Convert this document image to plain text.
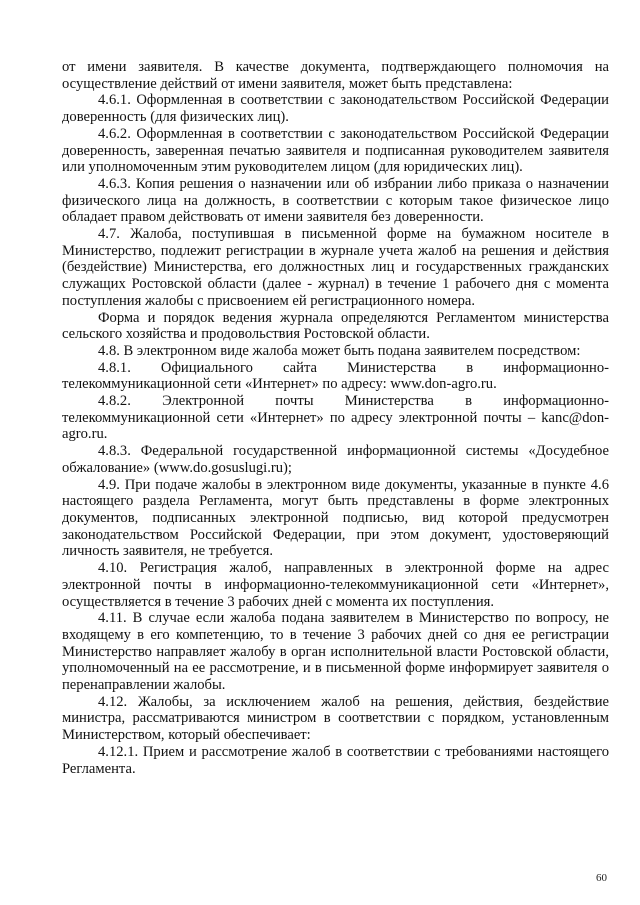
от имени заявителя. В качестве документа, подтверждающего полномочия на осуществление действий от имени заявителя, может быть представлена:

4.6.1. Оформленная в соответствии с законодательством Российской Федерации доверенность (для физических лиц).

4.6.2. Оформленная в соответствии с законодательством Российской Федерации доверенность, заверенная печатью заявителя и подписанная руководителем заявителя или уполномоченным этим руководителем лицом (для юридических лиц).

4.6.3. Копия решения о назначении или об избрании либо приказа о назначении физического лица на должность, в соответствии с которым такое физическое лицо обладает правом действовать от имени заявителя без доверенности.

4.7. Жалоба, поступившая в письменной форме на бумажном носителе в Министерство, подлежит регистрации в журнале учета жалоб на решения и действия (бездействие) Министерства, его должностных лиц и государственных гражданских служащих Ростовской области (далее - журнал) в течение 1 рабочего дня с момента поступления жалобы с присвоением ей регистрационного номера.

Форма и порядок ведения журнала определяются Регламентом министерства сельского хозяйства и продовольствия Ростовской области.

4.8. В электронном виде жалоба может быть подана заявителем посредством:

4.8.1. Официального сайта Министерства в информационно-телекоммуникационной сети «Интернет» по адресу: www.don-agro.ru.

4.8.2. Электронной почты Министерства в информационно-телекоммуникационной сети «Интернет» по адресу электронной почты – kanc@don-agro.ru.

4.8.3. Федеральной государственной информационной системы «Досудебное обжалование» (www.do.gosuslugi.ru);

4.9. При подаче жалобы в электронном виде документы, указанные в пункте 4.6 настоящего раздела Регламента, могут быть представлены в форме электронных документов, подписанных электронной подписью, вид которой предусмотрен законодательством Российской Федерации, при этом документ, удостоверяющий личность заявителя, не требуется.

4.10. Регистрация жалоб, направленных в электронной форме на адрес электронной почты в информационно-телекоммуникационной сети «Интернет», осуществляется в течение 3 рабочих дней с момента их поступления.

4.11. В случае если жалоба подана заявителем в Министерство по вопросу, не входящему в его компетенцию, то в течение 3 рабочих дней со дня ее регистрации Министерство направляет жалобу в орган исполнительной власти Ростовской области, уполномоченный на ее рассмотрение, и в письменной форме информирует заявителя о перенаправлении жалобы.

4.12. Жалобы, за исключением жалоб на решения, действия, бездействие министра, рассматриваются министром в соответствии с порядком, установленным Министерством, который обеспечивает:

4.12.1. Прием и рассмотрение жалоб в соответствии с требованиями настоящего Регламента.

60
